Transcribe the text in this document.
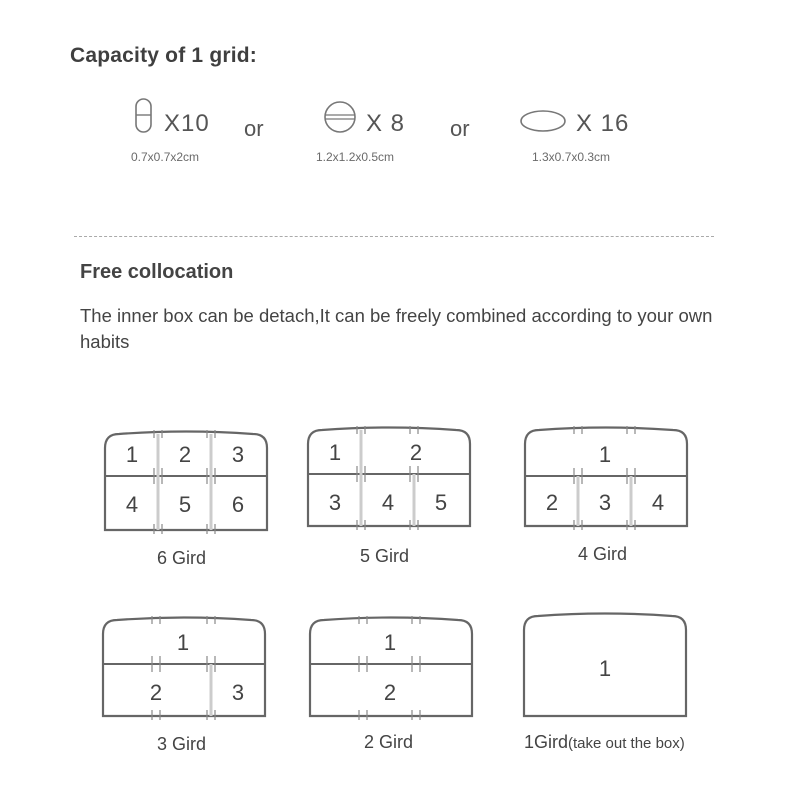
Capacity of 1 grid:
X10
0.7x0.7x2cm
or	X 8
1.2x1.2x0.5cm
or	X 16
1.3x0.7x0.3cm
Free collocation
The inner box can be detach,It can be freely combined according to your own habits
1 2 3
4 5 6
6 Gird
1	2
3 4 5
5 Gird
1
2 3 4
4 Gird
1
2	3
3 Gird
1
2
2 Gird
1
1Gird(take out the box)
